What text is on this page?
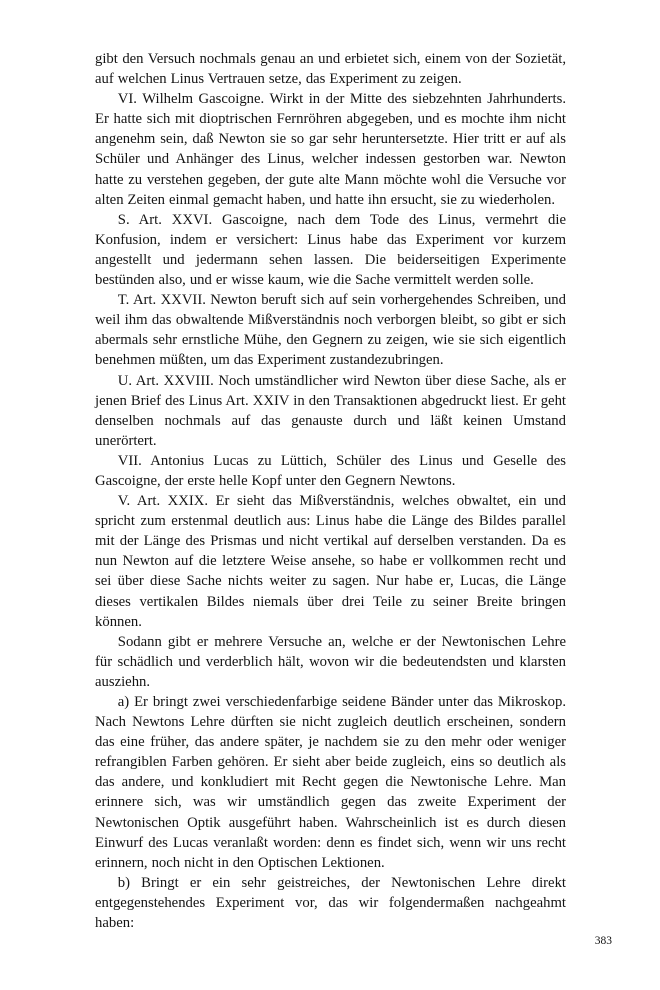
gibt den Versuch nochmals genau an und erbietet sich, einem von der Sozietät, auf welchen Linus Vertrauen setze, das Experiment zu zeigen.

VI. Wilhelm Gascoigne. Wirkt in der Mitte des siebzehnten Jahrhunderts. Er hatte sich mit dioptrischen Fernröhren abgegeben, und es mochte ihm nicht angenehm sein, daß Newton sie so gar sehr heruntersetzte. Hier tritt er auf als Schüler und Anhänger des Linus, welcher indessen gestorben war. Newton hatte zu verstehen gegeben, der gute alte Mann möchte wohl die Versuche vor alten Zeiten einmal gemacht haben, und hatte ihn ersucht, sie zu wiederholen.

S. Art. XXVI. Gascoigne, nach dem Tode des Linus, vermehrt die Konfusion, indem er versichert: Linus habe das Experiment vor kurzem angestellt und jedermann sehen lassen. Die beiderseitigen Experimente bestünden also, und er wisse kaum, wie die Sache vermittelt werden solle.

T. Art. XXVII. Newton beruft sich auf sein vorhergehendes Schreiben, und weil ihm das obwaltende Mißverständnis noch verborgen bleibt, so gibt er sich abermals sehr ernstliche Mühe, den Gegnern zu zeigen, wie sie sich eigentlich benehmen müßten, um das Experiment zustandezubringen.

U. Art. XXVIII. Noch umständlicher wird Newton über diese Sache, als er jenen Brief des Linus Art. XXIV in den Transaktionen abgedruckt liest. Er geht denselben nochmals auf das genauste durch und läßt keinen Umstand unerörtert.

VII. Antonius Lucas zu Lüttich, Schüler des Linus und Geselle des Gascoigne, der erste helle Kopf unter den Gegnern Newtons.

V. Art. XXIX. Er sieht das Mißverständnis, welches obwaltet, ein und spricht zum erstenmal deutlich aus: Linus habe die Länge des Bildes parallel mit der Länge des Prismas und nicht vertikal auf derselben verstanden. Da es nun Newton auf die letztere Weise ansehe, so habe er vollkommen recht und sei über diese Sache nichts weiter zu sagen. Nur habe er, Lucas, die Länge dieses vertikalen Bildes niemals über drei Teile zu seiner Breite bringen können.

Sodann gibt er mehrere Versuche an, welche er der Newtonischen Lehre für schädlich und verderblich hält, wovon wir die bedeutendsten und klarsten ausziehn.

a) Er bringt zwei verschiedenfarbige seidene Bänder unter das Mikroskop. Nach Newtons Lehre dürften sie nicht zugleich deutlich erscheinen, sondern das eine früher, das andere später, je nachdem sie zu den mehr oder weniger refrangiblen Farben gehören. Er sieht aber beide zugleich, eins so deutlich als das andere, und konkludiert mit Recht gegen die Newtonische Lehre. Man erinnere sich, was wir umständlich gegen das zweite Experiment der Newtonischen Optik ausgeführt haben. Wahrscheinlich ist es durch diesen Einwurf des Lucas veranlaßt worden: denn es findet sich, wenn wir uns recht erinnern, noch nicht in den Optischen Lektionen.

b) Bringt er ein sehr geistreiches, der Newtonischen Lehre direkt entgegenstehendes Experiment vor, das wir folgendermaßen nachgeahmt haben:

383
